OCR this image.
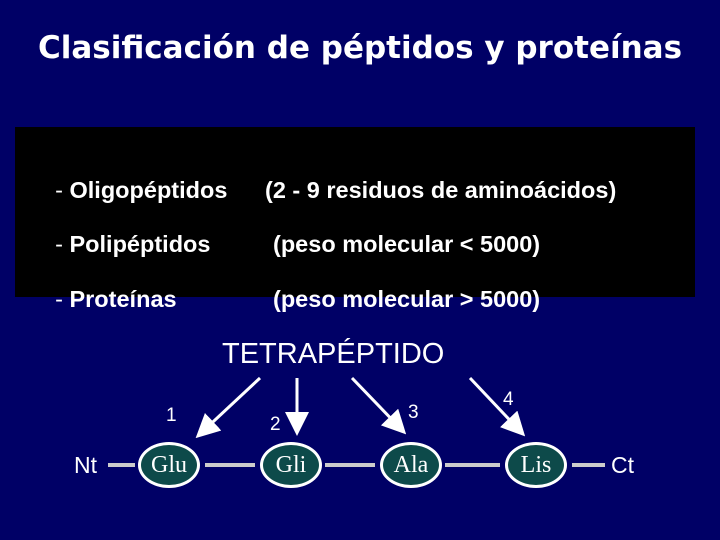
Clasificación de péptidos y proteínas

- Oligopéptidos (2 - 9 residuos de aminoácidos)

- Polipéptidos	(peso molecular < 5000)

- Proteínas	(peso molecular > 5000)

TETRAPÉPTIDO
1	2
3
4
Nt	Ct
Glu	Gli	Ala	Lis
